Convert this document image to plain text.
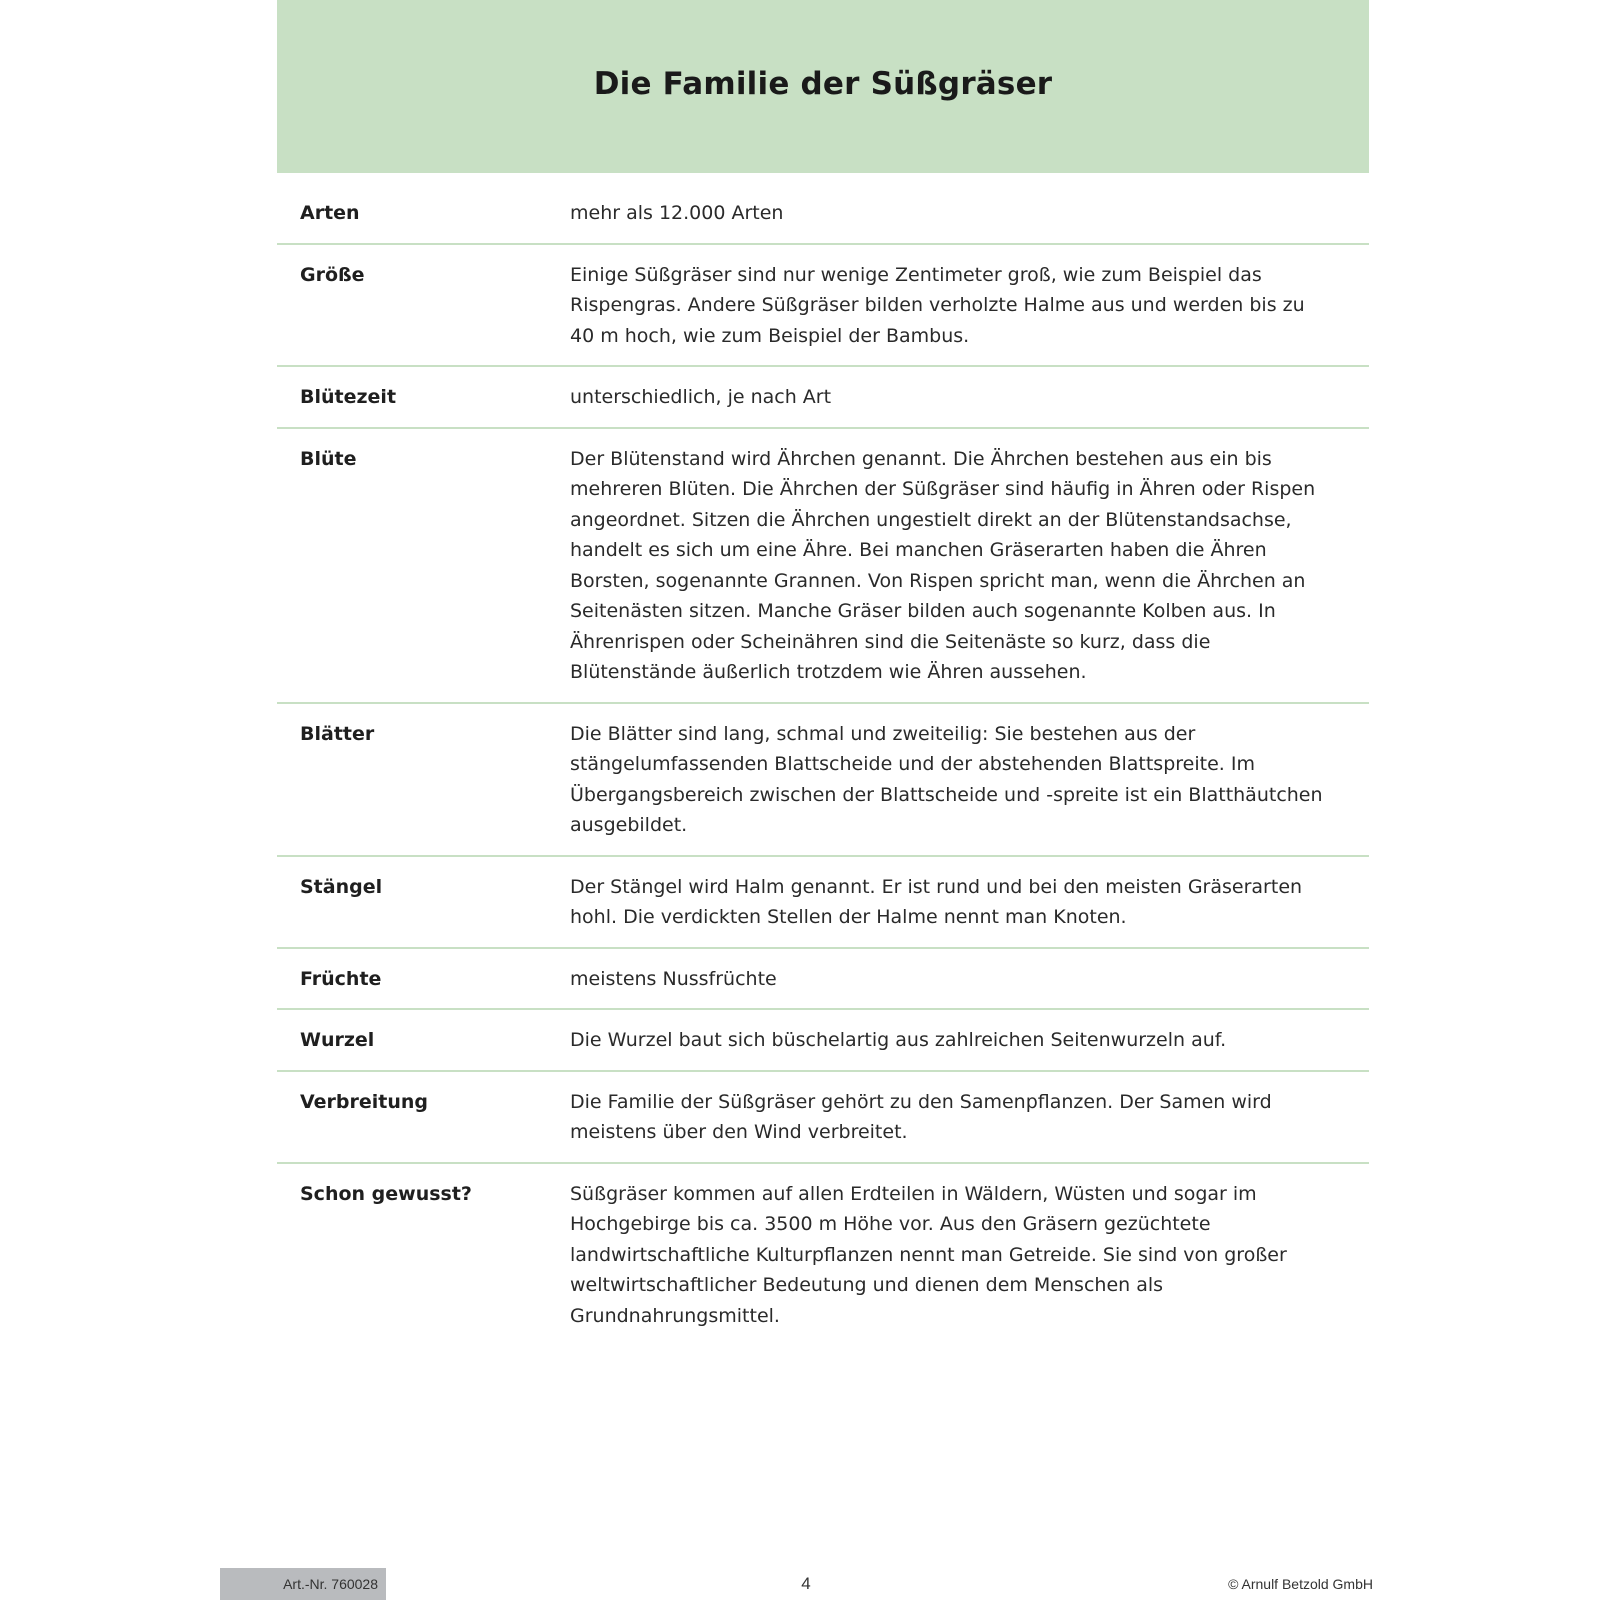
Die Familie der Süßgräser
Arten	mehr als 12.000 Arten
Größe	Einige Süßgräser sind nur wenige Zentimeter groß, wie zum Beispiel das Rispengras. Andere Süßgräser bilden verholzte Halme aus und werden bis zu 40 m hoch, wie zum Beispiel der Bambus.
Blütezeit	unterschiedlich, je nach Art
Blüte	Der Blütenstand wird Ährchen genannt. Die Ährchen bestehen aus ein bis mehreren Blüten. Die Ährchen der Süßgräser sind häufig in Ähren oder Rispen angeordnet. Sitzen die Ährchen ungestielt direkt an der Blütenstandsachse, handelt es sich um eine Ähre. Bei manchen Gräserarten haben die Ähren Borsten, sogenannte Grannen. Von Rispen spricht man, wenn die Ährchen an Seitenästen sitzen. Manche Gräser bilden auch sogenannte Kolben aus. In Ährenrispen oder Scheinähren sind die Seitenäste so kurz, dass die Blütenstände äußerlich trotzdem wie Ähren aussehen.
Blätter	Die Blätter sind lang, schmal und zweiteilig: Sie bestehen aus der stängelumfassenden Blattscheide und der abstehenden Blattspreite. Im Übergangsbereich zwischen der Blattscheide und -spreite ist ein Blatthäutchen ausgebildet.
Stängel	Der Stängel wird Halm genannt. Er ist rund und bei den meisten Gräserarten hohl. Die verdickten Stellen der Halme nennt man Knoten.
Früchte	meistens Nussfrüchte
Wurzel	Die Wurzel baut sich büschelartig aus zahlreichen Seitenwurzeln auf.
Verbreitung	Die Familie der Süßgräser gehört zu den Samenpflanzen. Der Samen wird meistens über den Wind verbreitet.
Schon gewusst?	Süßgräser kommen auf allen Erdteilen in Wäldern, Wüsten und sogar im Hochgebirge bis ca. 3500 m Höhe vor. Aus den Gräsern gezüchtete landwirtschaftliche Kulturpflanzen nennt man Getreide. Sie sind von großer weltwirtschaftlicher Bedeutung und dienen dem Menschen als Grundnahrungsmittel.
Art.-Nr. 760028	4	© Arnulf Betzold GmbH
